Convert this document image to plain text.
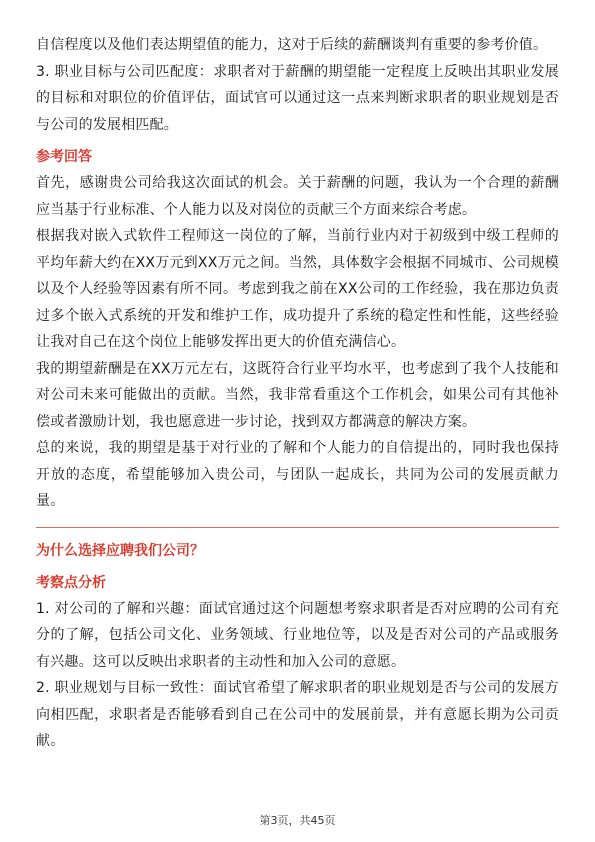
自信程度以及他们表达期望值的能力，这对于后续的薪酬谈判有重要的参考价值。

3. 职业目标与公司匹配度：求职者对于薪酬的期望能一定程度上反映出其职业发展的目标和对职位的价值评估，面试官可以通过这一点来判断求职者的职业规划是否与公司的发展相匹配。

参考回答

首先，感谢贵公司给我这次面试的机会。关于薪酬的问题，我认为一个合理的薪酬应当基于行业标准、个人能力以及对岗位的贡献三个方面来综合考虑。

根据我对嵌入式软件工程师这一岗位的了解，当前行业内对于初级到中级工程师的平均年薪大约在XX万元到XX万元之间。当然，具体数字会根据不同城市、公司规模以及个人经验等因素有所不同。考虑到我之前在XX公司的工作经验，我在那边负责过多个嵌入式系统的开发和维护工作，成功提升了系统的稳定性和性能，这些经验让我对自己在这个岗位上能够发挥出更大的价值充满信心。

我的期望薪酬是在XX万元左右，这既符合行业平均水平，也考虑到了我个人技能和对公司未来可能做出的贡献。当然，我非常看重这个工作机会，如果公司有其他补偿或者激励计划，我也愿意进一步讨论，找到双方都满意的解决方案。

总的来说，我的期望是基于对行业的了解和个人能力的自信提出的，同时我也保持开放的态度，希望能够加入贵公司，与团队一起成长，共同为公司的发展贡献力量。

为什么选择应聘我们公司？
考察点分析

1. 对公司的了解和兴趣：面试官通过这个问题想考察求职者是否对应聘的公司有充分的了解，包括公司文化、业务领域、行业地位等，以及是否对公司的产品或服务有兴趣。这可以反映出求职者的主动性和加入公司的意愿。

2. 职业规划与目标一致性：面试官希望了解求职者的职业规划是否与公司的发展方向相匹配，求职者是否能够看到自己在公司中的发展前景，并有意愿长期为公司贡献。

第3页，共45页
